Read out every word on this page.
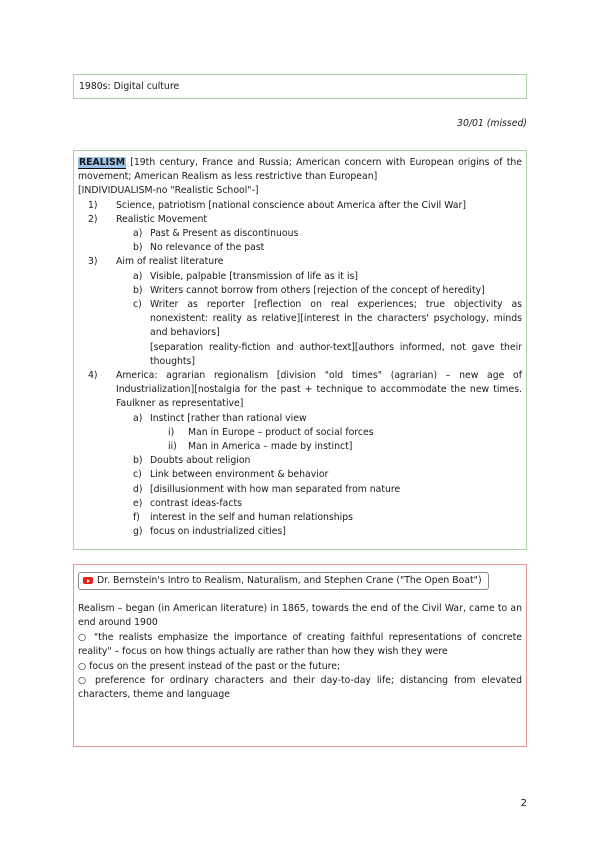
1980s: Digital culture
30/01 (missed)
REALISM [19th century, France and Russia; American concern with European origins of the movement; American Realism as less restrictive than European]
[INDIVIDUALISM-no "Realistic School"-]
1) Science, patriotism [national conscience about America after the Civil War]
2) Realistic Movement
a) Past & Present as discontinuous
b) No relevance of the past
3) Aim of realist literature
a) Visible, palpable [transmission of life as it is]
b) Writers cannot borrow from others [rejection of the concept of heredity]
c) Writer as reporter [reflection on real experiences; true objectivity as nonexistent: reality as relative][interest in the characters' psychology, minds and behaviors]
[separation reality-fiction and author-text][authors informed, not gave their thoughts]
4) America: agrarian regionalism [division "old times" (agrarian) – new age of Industrialization][nostalgia for the past + technique to accommodate the new times. Faulkner as representative]
a) Instinct [rather than rational view
i) Man in Europe – product of social forces
ii) Man in America – made by instinct]
b) Doubts about religion
c) Link between environment & behavior
d) [disillusionment with how man separated from nature
e) contrast ideas-facts
f) interest in the self and human relationships
g) focus on industrialized cities]
Dr. Bernstein's Intro to Realism, Naturalism, and Stephen Crane ("The Open Boat")
Realism – began (in American literature) in 1865, towards the end of the Civil War, came to an end around 1900
○ "the realists emphasize the importance of creating faithful representations of concrete reality" – focus on how things actually are rather than how they wish they were
○ focus on the present instead of the past or the future;
○ preference for ordinary characters and their day-to-day life; distancing from elevated characters, theme and language
2
